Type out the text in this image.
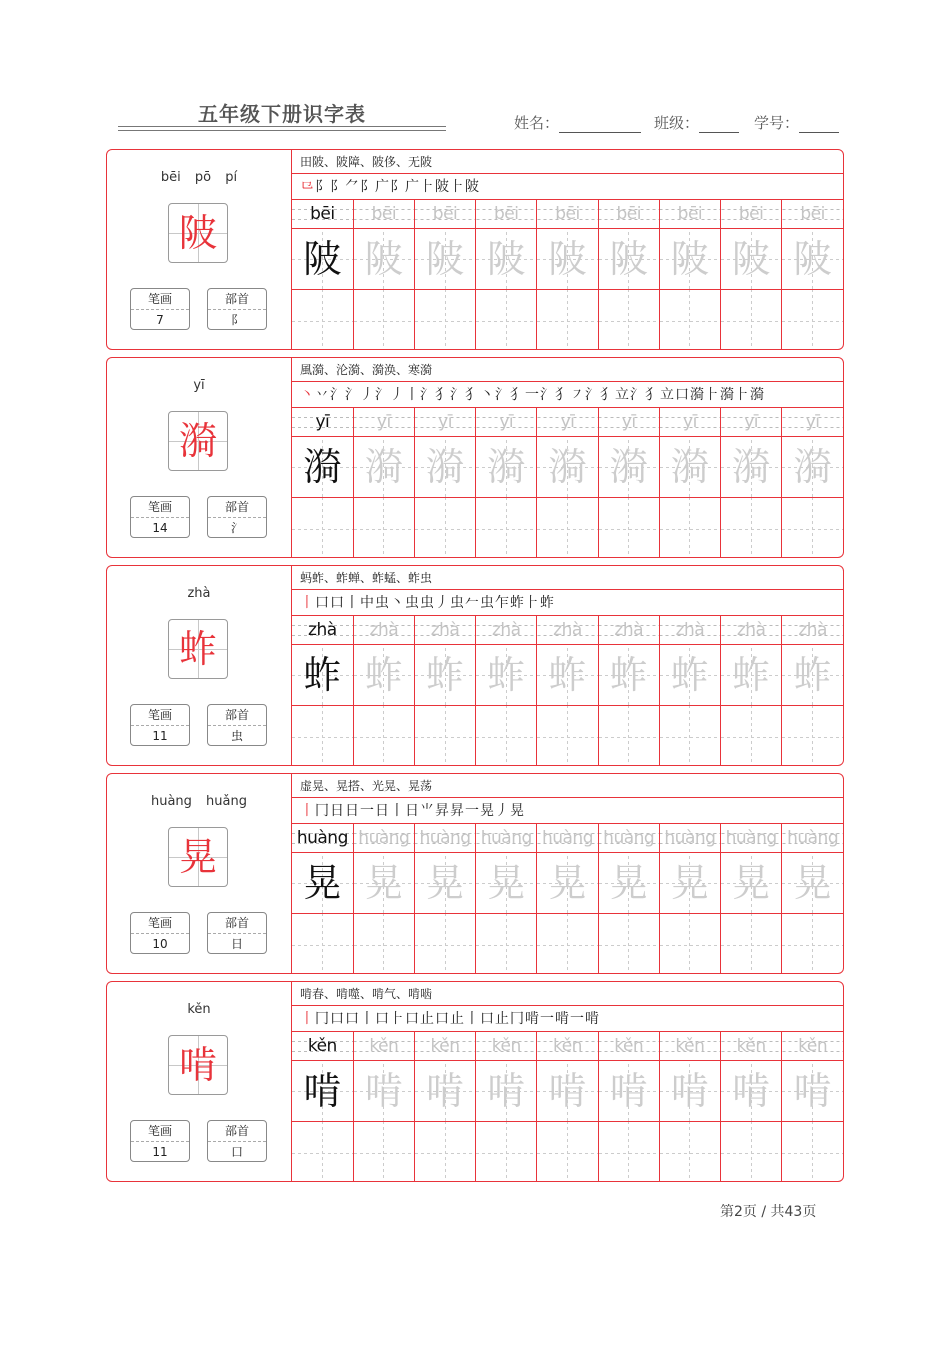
五年级下册识字表	姓名：	班级：	学号：
bēi pō pí
陂
笔画
7
部首
阝
田陂、陂障、陂侈、无陂
⺋阝阝⺈阝广阝广⺊陂⺊陂
bēi	bēi	bēi	bēi	bēi	bēi	bēi	bēi	bēi
陂	陂	陂	陂	陂	陂	陂	陂	陂

yī
漪
笔画
14
部首
氵
風漪、沦漪、漪涣、寒漪
丶丷氵氵丿氵丿丨氵犭氵犭丶氵犭一氵犭㇇氵犭立氵犭立口漪⺊漪⺊漪
yī	yī	yī	yī	yī	yī	yī	yī	yī
漪	漪	漪	漪	漪	漪	漪	漪	漪

zhà
蚱
笔画
11
部首
虫
蚂蚱、蚱蝉、蚱蜢、蚱虫
丨口口丨中虫丶虫虫丿虫𠂉虫乍蚱⺊蚱
zhà	zhà	zhà	zhà	zhà	zhà	zhà	zhà	zhà
蚱	蚱	蚱	蚱	蚱	蚱	蚱	蚱	蚱

huàng huǎng
晃
笔画
10
部首
日
虚晃、晃搭、光晃、晃荡
丨冂日日一日丨日⺌昇昇一晃丿晃
huàng	huàng	huàng	huàng	huàng	huàng	huàng	huàng	huàng
晃	晃	晃	晃	晃	晃	晃	晃	晃

kěn
啃
笔画
11
部首
口
啃春、啃噬、啃气、啃啮
丨冂口口丨口⺊口止口止丨口止冂啃一啃一啃
kěn	kěn	kěn	kěn	kěn	kěn	kěn	kěn	kěn
啃	啃	啃	啃	啃	啃	啃	啃	啃

第2页 / 共43页
